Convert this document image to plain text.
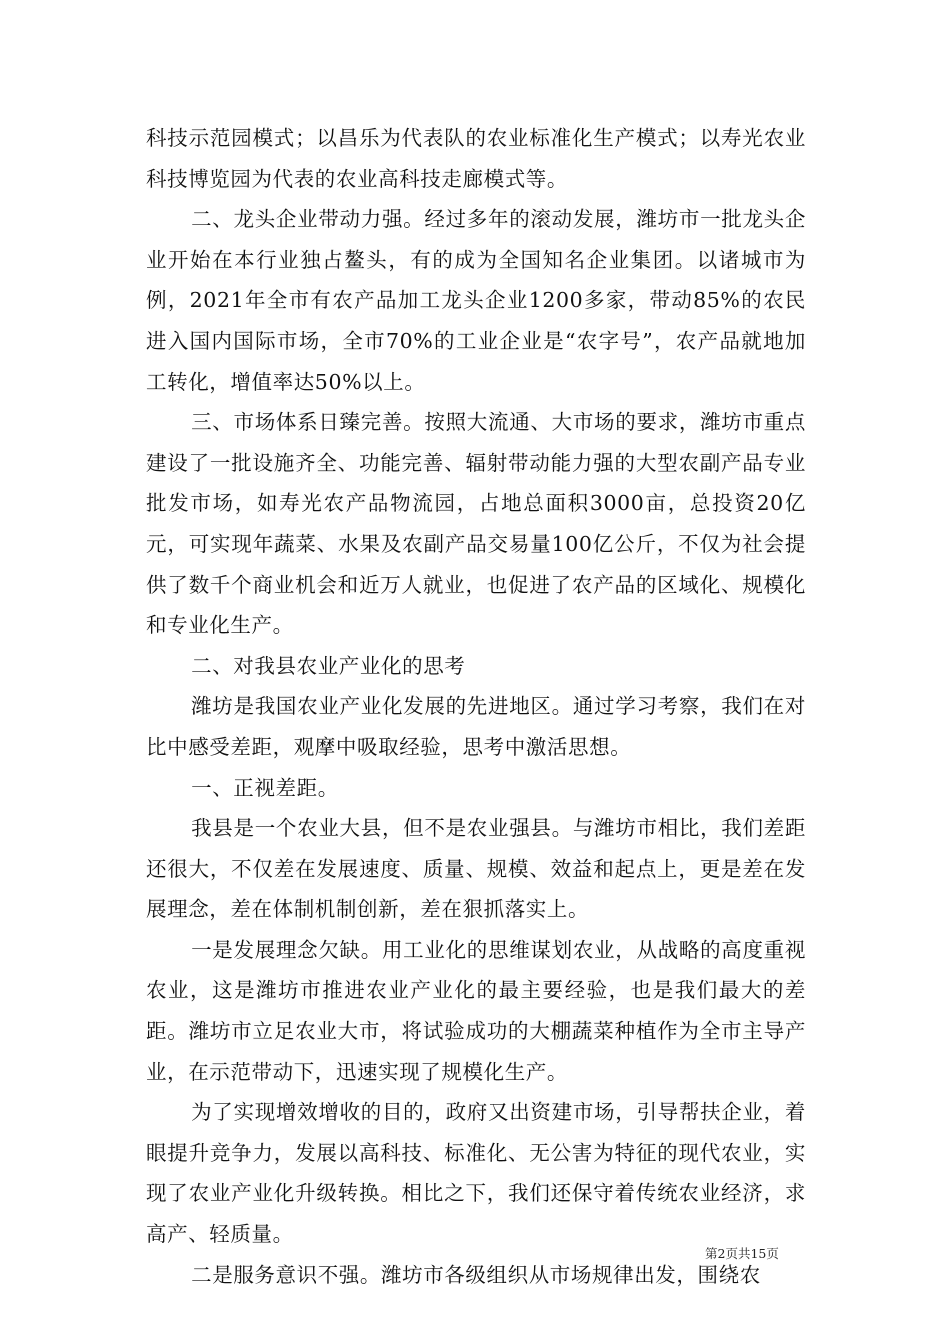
科技示范园模式；以昌乐为代表队的农业标准化生产模式；以寿光农业科技博览园为代表的农业高科技走廊模式等。

二、龙头企业带动力强。经过多年的滚动发展，潍坊市一批龙头企业开始在本行业独占鳌头，有的成为全国知名企业集团。以诸城市为例，2021年全市有农产品加工龙头企业1200多家，带动85%的农民进入国内国际市场，全市70%的工业企业是“农字号”，农产品就地加工转化，增值率达50%以上。

三、市场体系日臻完善。按照大流通、大市场的要求，潍坊市重点建设了一批设施齐全、功能完善、辐射带动能力强的大型农副产品专业批发市场，如寿光农产品物流园，占地总面积3000亩，总投资20亿元，可实现年蔬菜、水果及农副产品交易量100亿公斤，不仅为社会提供了数千个商业机会和近万人就业，也促进了农产品的区域化、规模化和专业化生产。

二、对我县农业产业化的思考

潍坊是我国农业产业化发展的先进地区。通过学习考察，我们在对比中感受差距，观摩中吸取经验，思考中激活思想。

一、正视差距。

我县是一个农业大县，但不是农业强县。与潍坊市相比，我们差距还很大，不仅差在发展速度、质量、规模、效益和起点上，更是差在发展理念，差在体制机制创新，差在狠抓落实上。

一是发展理念欠缺。用工业化的思维谋划农业，从战略的高度重视农业，这是潍坊市推进农业产业化的最主要经验，也是我们最大的差距。潍坊市立足农业大市，将试验成功的大棚蔬菜种植作为全市主导产业，在示范带动下，迅速实现了规模化生产。

为了实现增效增收的目的，政府又出资建市场，引导帮扶企业，着眼提升竞争力，发展以高科技、标准化、无公害为特征的现代农业，实现了农业产业化升级转换。相比之下，我们还保守着传统农业经济，求高产、轻质量。

二是服务意识不强。潍坊市各级组织从市场规律出发，围绕农

第2页共15页
